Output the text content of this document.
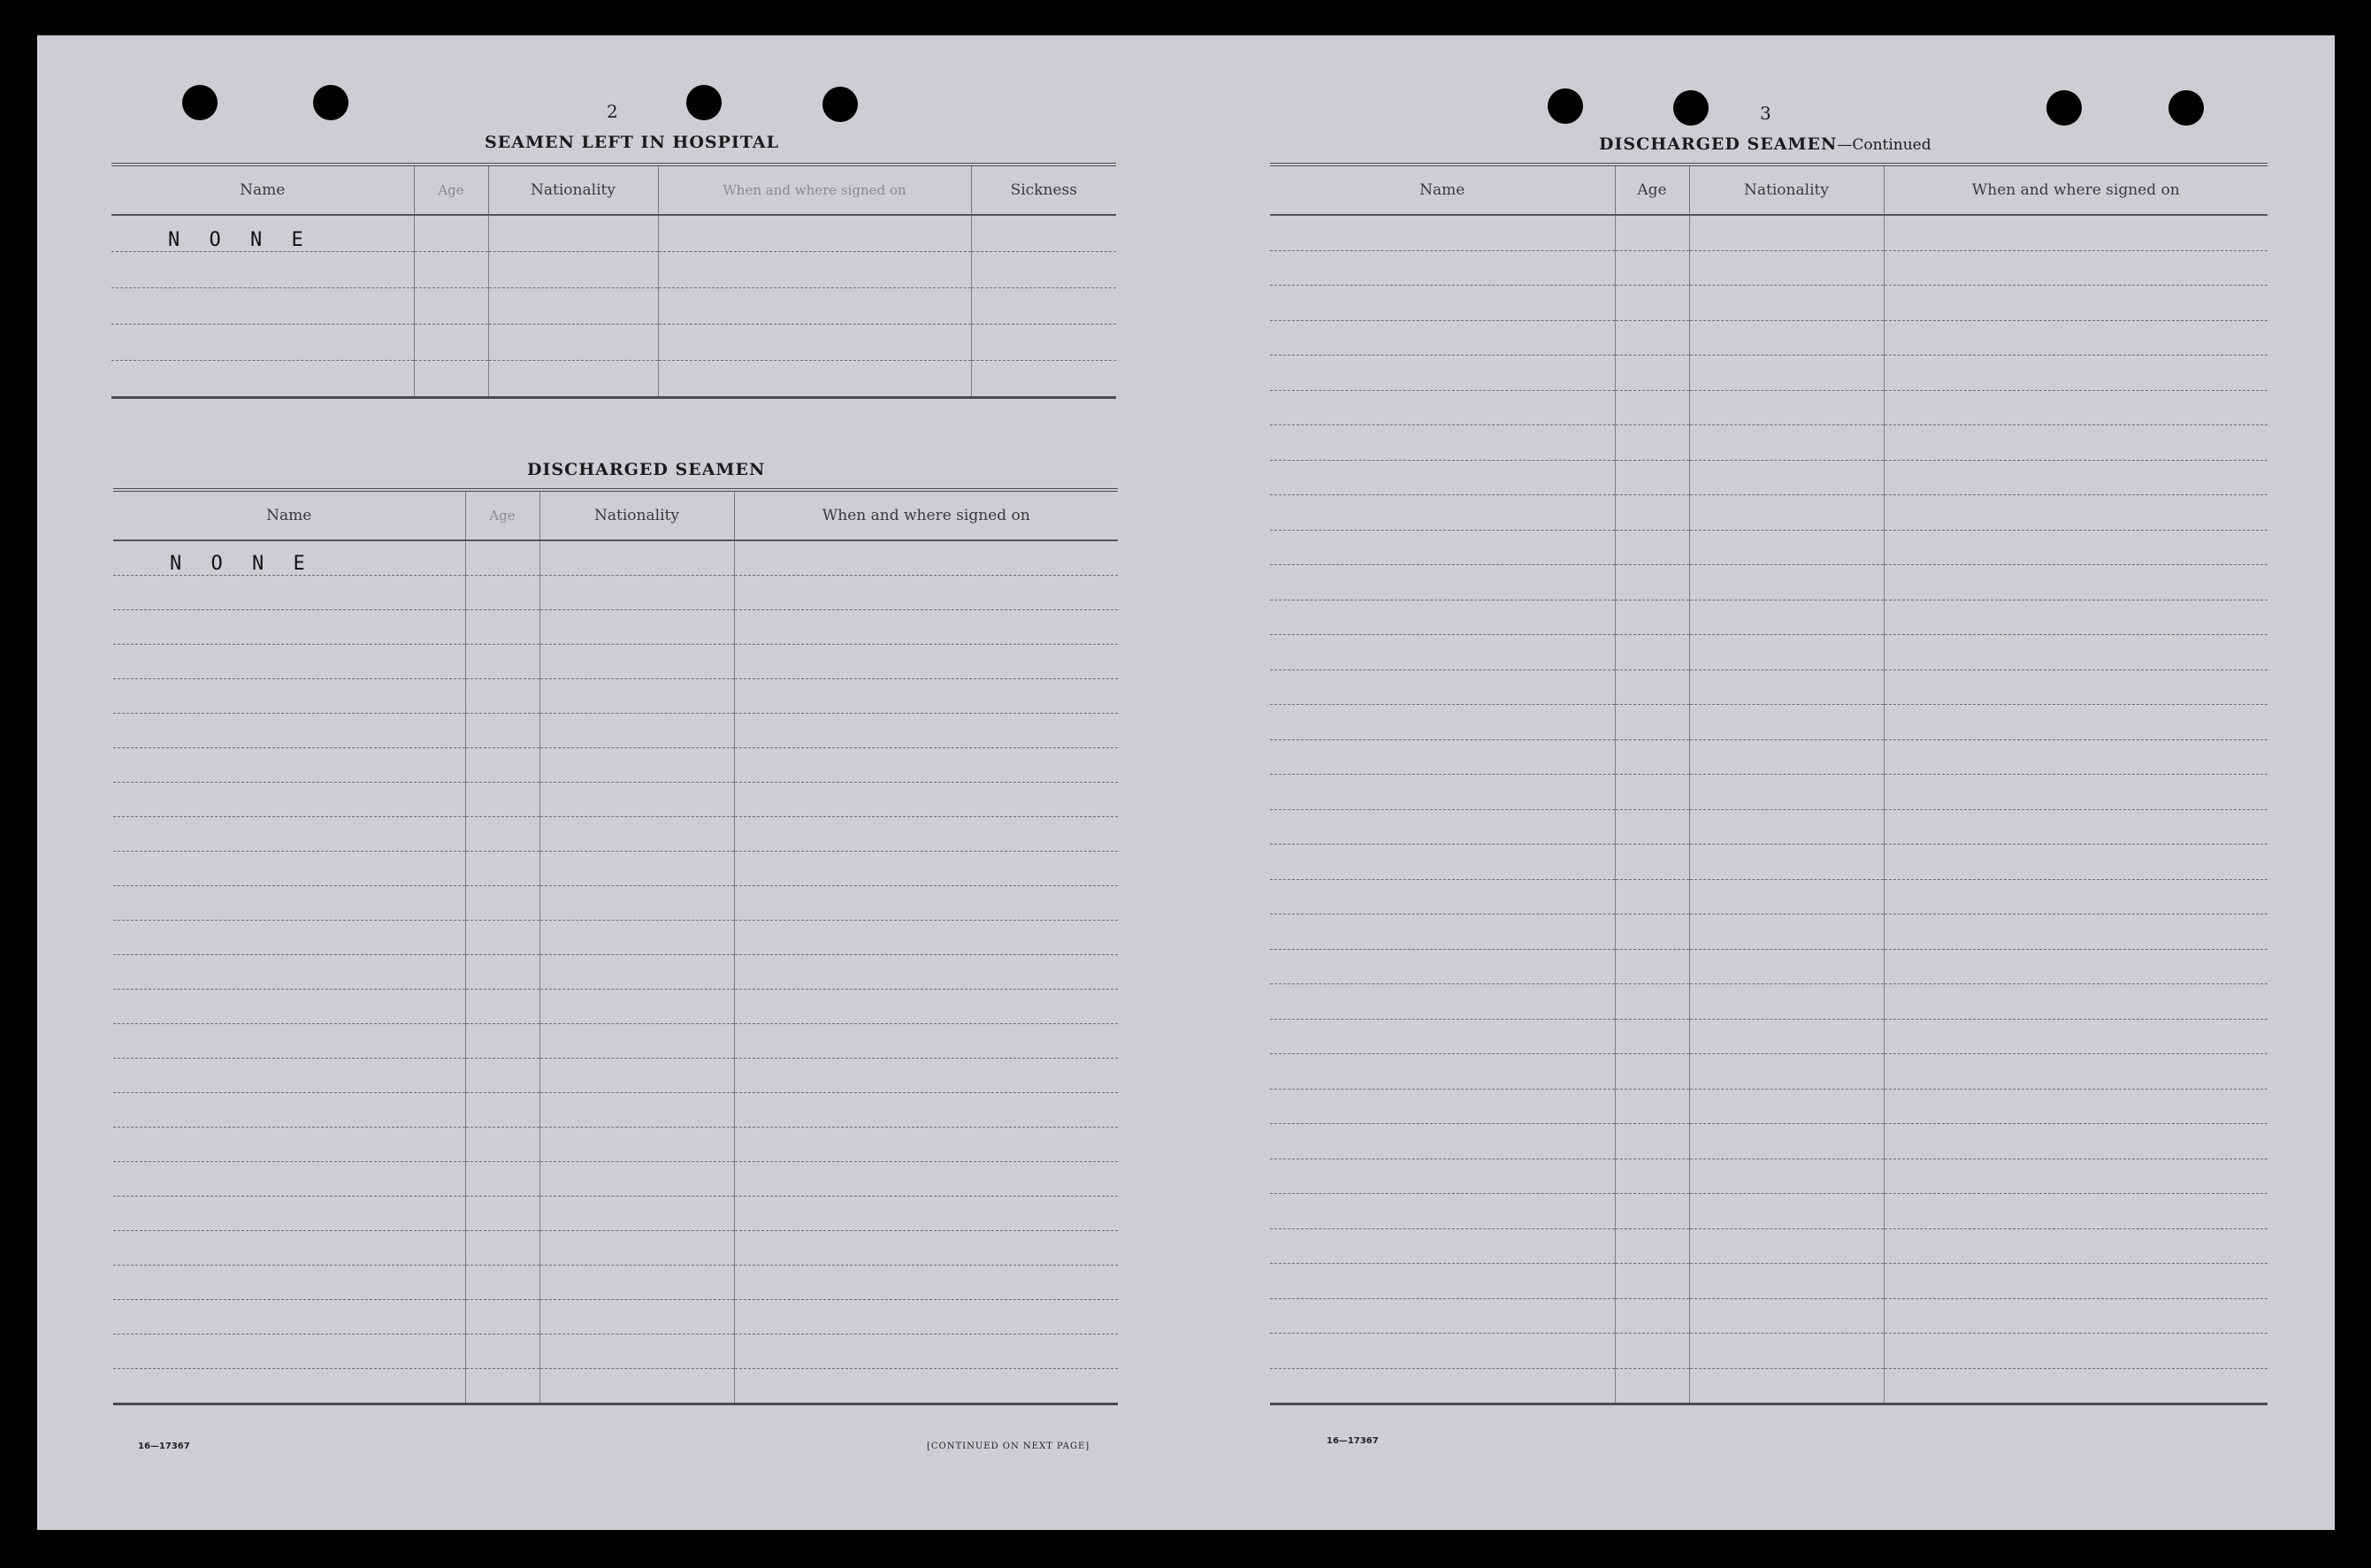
2
SEAMEN LEFT IN HOSPITAL
Name	Age	Nationality	When and where signed on	Sickness
N O N E				

DISCHARGED SEAMEN
Name	Age	Nationality	When and where signed on
N O N E			

16—17367	[CONTINUED ON NEXT PAGE]
3
DISCHARGED SEAMEN—Continued
Name	Age	Nationality	When and where signed on

16—17367
